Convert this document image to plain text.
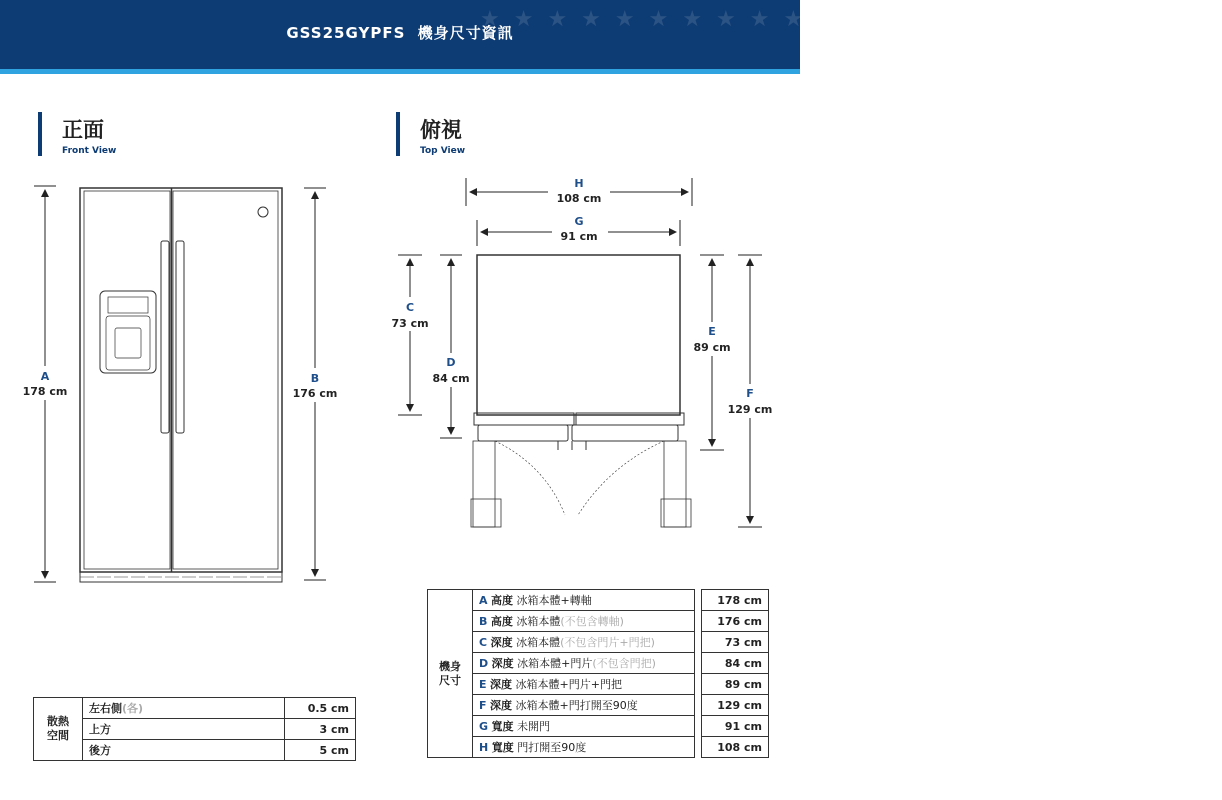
★★★★★★★★★★★★★★★★★★★★★★
GSS25GYPFS 機身尺寸資訊
正面
Front View
俯視
Top View
A
178 cm
B
176 cm
H
108 cm
G
91 cm
C
73 cm
D
84 cm
E
89 cm
F
129 cm
散熱空間	左右側(各)	0.5 cm
	上方	3 cm
	後方	5 cm
機身尺寸	A 高度 冰箱本體+轉軸		178 cm
	B 高度 冰箱本體(不包含轉軸)		176 cm
	C 深度 冰箱本體(不包含門片+門把)		73 cm
	D 深度 冰箱本體+門片(不包含門把)		84 cm
	E 深度 冰箱本體+門片+門把		89 cm
	F 深度 冰箱本體+門打開至90度		129 cm
	G 寬度 未開門		91 cm
	H 寬度 門打開至90度		108 cm
